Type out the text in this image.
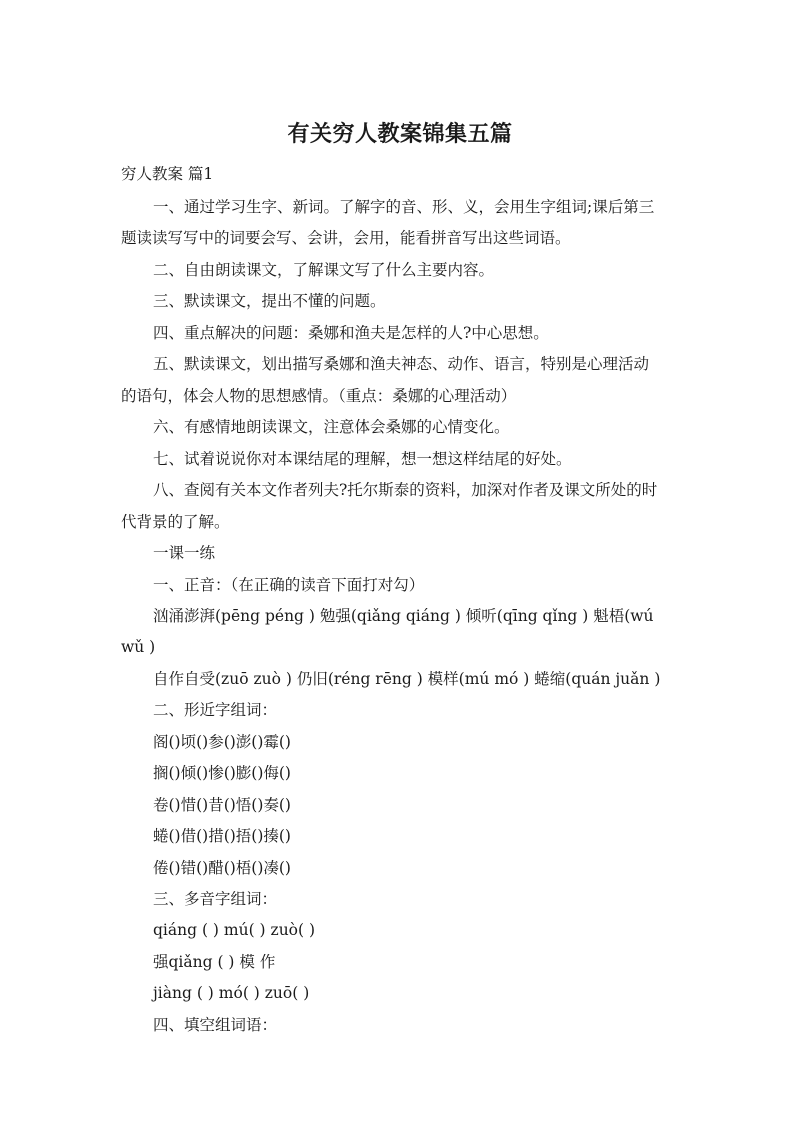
有关穷人教案锦集五篇
穷人教案 篇1
一、通过学习生字、新词。了解字的音、形、义，会用生字组词;课后第三
题读读写写中的词要会写、会讲，会用，能看拼音写出这些词语。
二、自由朗读课文，了解课文写了什么主要内容。
三、默读课文，提出不懂的问题。
四、重点解决的问题：桑娜和渔夫是怎样的人?中心思想。
五、默读课文，划出描写桑娜和渔夫神态、动作、语言，特别是心理活动
的语句，体会人物的思想感情。（重点：桑娜的心理活动）
六、有感情地朗读课文，注意体会桑娜的心情变化。
七、试着说说你对本课结尾的理解，想一想这样结尾的好处。
八、查阅有关本文作者列夫?托尔斯泰的资料，加深对作者及课文所处的时
代背景的了解。
一课一练
一、正音：（在正确的读音下面打对勾）
汹涌澎湃(pēng péng ) 勉强(qiǎng qiáng ) 倾听(qīng qǐng ) 魁梧(wú
wǔ )
自作自受(zuō zuò ) 仍旧(réng rēng ) 模样(mú mó ) 蜷缩(quán juǎn )
二、形近字组词：
阁()顷()参()澎()霉()
搁()倾()惨()膨()侮()
卷()惜()昔()悟()奏()
蜷()借()措()捂()揍()
倦()错()醋()梧()凑()
三、多音字组词：
qiáng ( ) mú( ) zuò( )
强qiǎng ( ) 模 作
jiàng ( ) mó( ) zuō( )
四、填空组词语：
